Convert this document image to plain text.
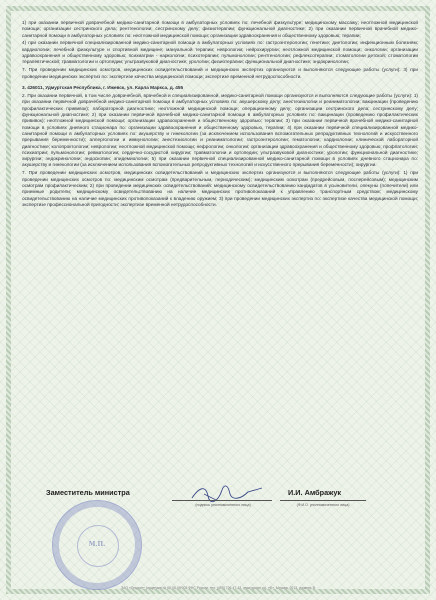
1) при оказании первичной доврачебной медико-санитарной помощи в амбулаторных условиях по: лечебной физкультуре; медицинскому массажу; неотложной медицинской помощи; организации сестринского дела; рентгенологии; сестринскому делу; физиотерапии; функциональной диагностике; 2) при оказании первичной врачебной медико-санитарной помощи в амбулаторных условиях по: неотложной медицинской помощи; организации здравоохранения и общественному здоровью; терапии;

4) при оказании первичной специализированной медико-санитарной помощи в амбулаторных условиях по: гастроэнтерологии; генетике; диетологии; инфекционным болезням; кардиологии; лечебной физкультуре и спортивной медицине; мануальной терапии; неврологии; нейрохирургии; неотложной медицинской помощи; онкологии; организации здравоохранения и общественному здоровью; психиатрии - наркологии; психотерапии; пульмонологии; рентгенологии; рефлексотерапии; стоматологии детской; стоматологии терапевтической; травматологии и ортопедии; ультразвуковой диагностике; урологии; физиотерапии; функциональной диагностике; эндокринологии;

7. При проведении медицинских осмотров, медицинских освидетельствований и медицинских экспертиз организуются и выполняются следующие работы (услуги): 3) при проведении медицинских экспертиз по: экспертизе качества медицинской помощи; экспертизе временной нетрудоспособности.

3. 426011, Удмуртская Республика, г. Ижевск, ул. Карла Маркса, д. 455

2. При оказании первичной, в том числе доврачебной, врачебной и специализированной, медико-санитарной помощи организуются и выполняются следующие работы (услуги): 1) при оказании первичной доврачебной медико-санитарной помощи в амбулаторных условиях по: акушерскому делу; анестезиологии и реаниматологии; вакцинации (проведению профилактических прививок); лабораторной диагностике; неотложной медицинской помощи; операционному делу; организации сестринского дела; сестринскому делу; функциональной диагностике; 2) при оказании первичной врачебной медико-санитарной помощи в амбулаторных условиях по: вакцинации (проведению профилактических прививок); неотложной медицинской помощи; организации здравоохранения и общественному здоровью; терапии; 3) при оказании первичной врачебной медико-санитарной помощи в условиях дневного стационара по: организации здравоохранения и общественному здоровью, терапии; 4) при оказании первичной специализированной медико-санитарной помощи в амбулаторных условиях по: акушерству и гинекологии (за исключением использования вспомогательных репродуктивных технологий и искусственного прерывания беременности); аллергологии и иммунологии; анестезиологии и реаниматологии; гастроэнтерологии; гематологии; кардиологии; клинической лабораторной диагностике; колопроктологии; неврологии; неотложной медицинской помощи; нефрологии; онкологии; организации здравоохранения и общественному здоровью; профпатологии; психиатрии; пульмонологии; ревматологии; сердечно-сосудистой хирургии; травматологии и ортопедии; ультразвуковой диагностике; урологии; функциональной диагностике; хирургии; эндокринологии; эндоскопии; эпидемиологии; 5) при оказании первичной специализированной медико-санитарной помощи в условиях дневного стационара по: акушерству и гинекологии (за исключением использования вспомогательных репродуктивных технологий и искусственного прерывания беременности); хирургии.

7. При проведении медицинских осмотров, медицинских освидетельствований и медицинских экспертиз организуются и выполняются следующие работы (услуги): 1) при проведении медицинских осмотров по: медицинским осмотрам (предварительным, периодическим); медицинским осмотрам (предрейсовым, послерейсовым); медицинским осмотрам профилактическим; 2) при проведении медицинских освидетельствований: медицинскому освидетельствованию кандидатов в усыновители, опекуны (попечители) или приемные родители; медицинскому освидетельствованию на наличие медицинских противопоказаний к управлению транспортным средством; медицинскому освидетельствованию на наличие медицинских противопоказаний к владению оружием; 3) при проведении медицинских экспертиз по: экспертизе качества медицинской помощи; экспертизе профессиональной пригодности; экспертизе временной нетрудоспособности.

М.П.
Заместитель министра
(подпись уполномоченного лица)
И.И. Амбражук
(Ф.И.О. уполномоченного лица)
ЗАО «Опцион» (лицензия № 05-05-09/003 ФНС России, тел. (495) 726-47-42, www.opcion.ru), «Б», Москва, 2013, уровень В
